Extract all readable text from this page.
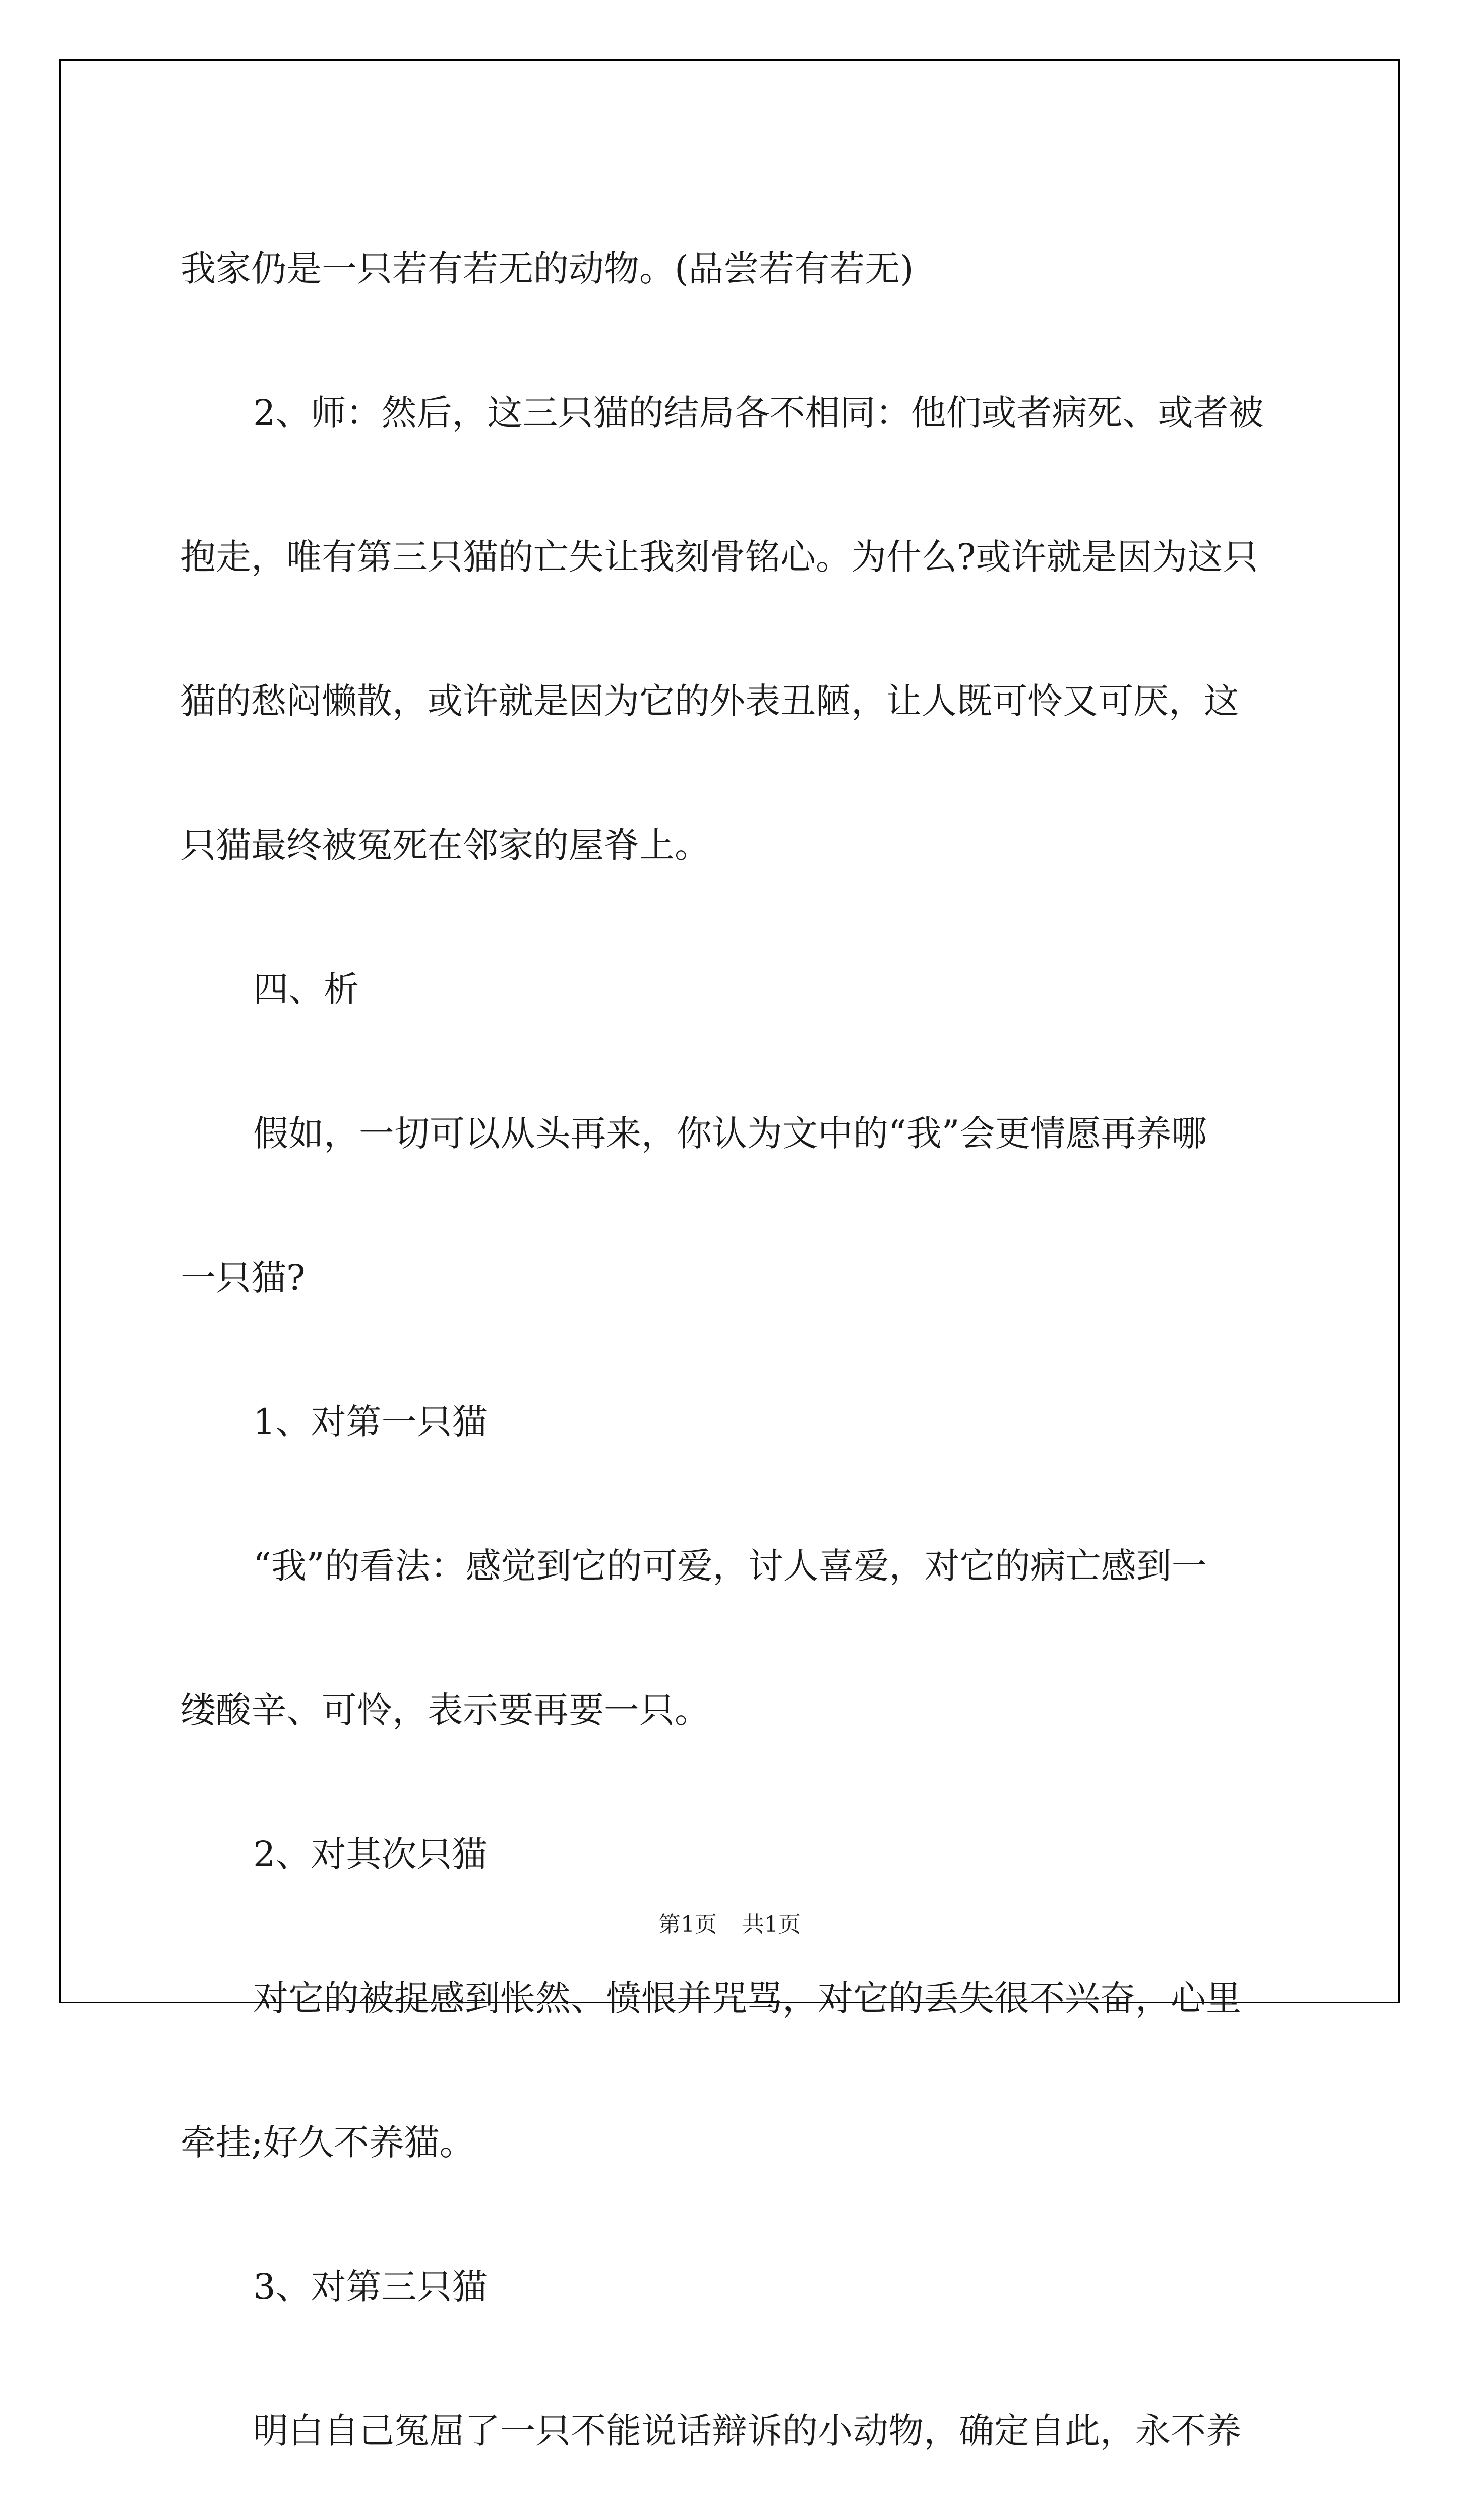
我家仍是一只若有若无的动物。(品尝若有若无)

2、师：然后，这三只猫的结局各不相同：他们或者病死、或者被

抱走，唯有第三只猫的亡失让我刻骨铭心。为什么?或许就是因为这只

猫的愁闷懒散，或许就是因为它的外表丑陋，让人既可怜又可厌，这

只猫最终被冤死在邻家的屋脊上。

四、析

假如，一切可以从头再来，你认为文中的“我”会更情愿再养哪

一只猫?

1、对第一只猫

“我”的看法：感觉到它的可爱，讨人喜爱，对它的病亡感到一

缕酸辛、可怜，表示要再要一只。

2、对其次只猫

对它的被捉感到怅然、愤恨并咒骂，对它的丢失很不兴奋，心里

牵挂;好久不养猫。

3、对第三只猫

明白自己冤屈了一只不能说话辩诉的小动物，确定自此，永不养

第1页 共1页
